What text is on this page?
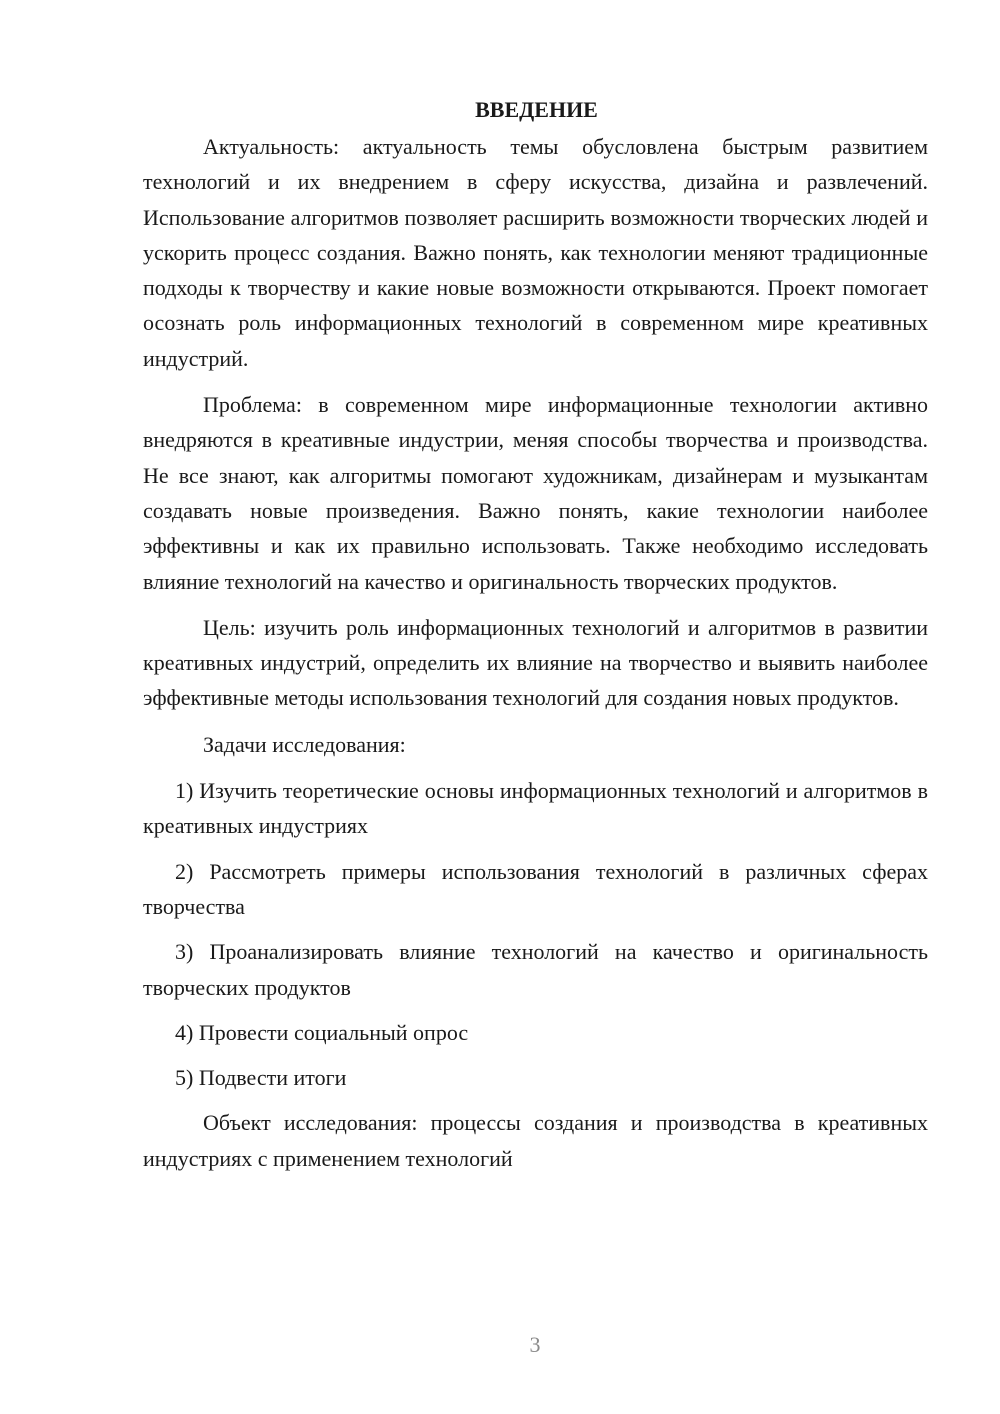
ВВЕДЕНИЕ

Актуальность: актуальность темы обусловлена быстрым развитием технологий и их внедрением в сферу искусства, дизайна и развлечений. Использование алгоритмов позволяет расширить возможности творческих людей и ускорить процесс создания. Важно понять, как технологии меняют традиционные подходы к творчеству и какие новые возможности открываются. Проект помогает осознать роль информационных технологий в современном мире креативных индустрий.

Проблема: в современном мире информационные технологии активно внедряются в креативные индустрии, меняя способы творчества и производства. Не все знают, как алгоритмы помогают художникам, дизайнерам и музыкантам создавать новые произведения. Важно понять, какие технологии наиболее эффективны и как их правильно использовать. Также необходимо исследовать влияние технологий на качество и оригинальность творческих продуктов.

Цель: изучить роль информационных технологий и алгоритмов в развитии креативных индустрий, определить их влияние на творчество и выявить наиболее эффективные методы использования технологий для создания новых продуктов.

Задачи исследования:

1) Изучить теоретические основы информационных технологий и алгоритмов в креативных индустриях

2) Рассмотреть примеры использования технологий в различных сферах творчества

3) Проанализировать влияние технологий на качество и оригинальность творческих продуктов

4) Провести социальный опрос

5) Подвести итоги

Объект исследования: процессы создания и производства в креативных индустриях с применением технологий

3
